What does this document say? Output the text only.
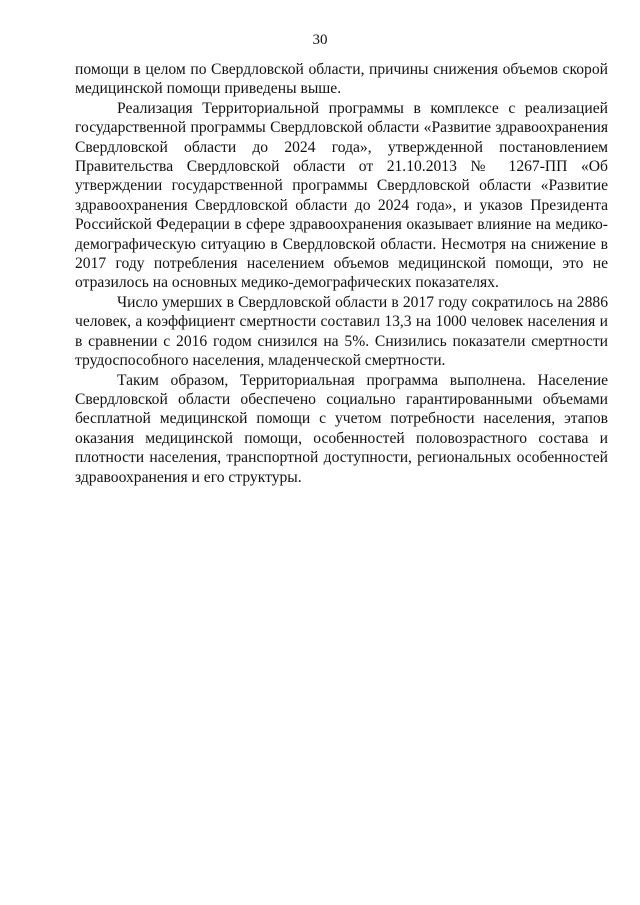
30

помощи в целом по Свердловской области, причины снижения объемов скорой медицинской помощи приведены выше.

Реализация Территориальной программы в комплексе с реализацией государственной программы Свердловской области «Развитие здравоохранения Свердловской области до 2024 года», утвержденной постановлением Правительства Свердловской области от 21.10.2013 № 1267-ПП «Об утверждении государственной программы Свердловской области «Развитие здравоохранения Свердловской области до 2024 года», и указов Президента Российской Федерации в сфере здравоохранения оказывает влияние на медико-демографическую ситуацию в Свердловской области. Несмотря на снижение в 2017 году потребления населением объемов медицинской помощи, это не отразилось на основных медико-демографических показателях.

Число умерших в Свердловской области в 2017 году сократилось на 2886 человек, а коэффициент смертности составил 13,3 на 1000 человек населения и в сравнении с 2016 годом снизился на 5%. Снизились показатели смертности трудоспособного населения, младенческой смертности.

Таким образом, Территориальная программа выполнена. Население Свердловской области обеспечено социально гарантированными объемами бесплатной медицинской помощи с учетом потребности населения, этапов оказания медицинской помощи, особенностей половозрастного состава и плотности населения, транспортной доступности, региональных особенностей здравоохранения и его структуры.
